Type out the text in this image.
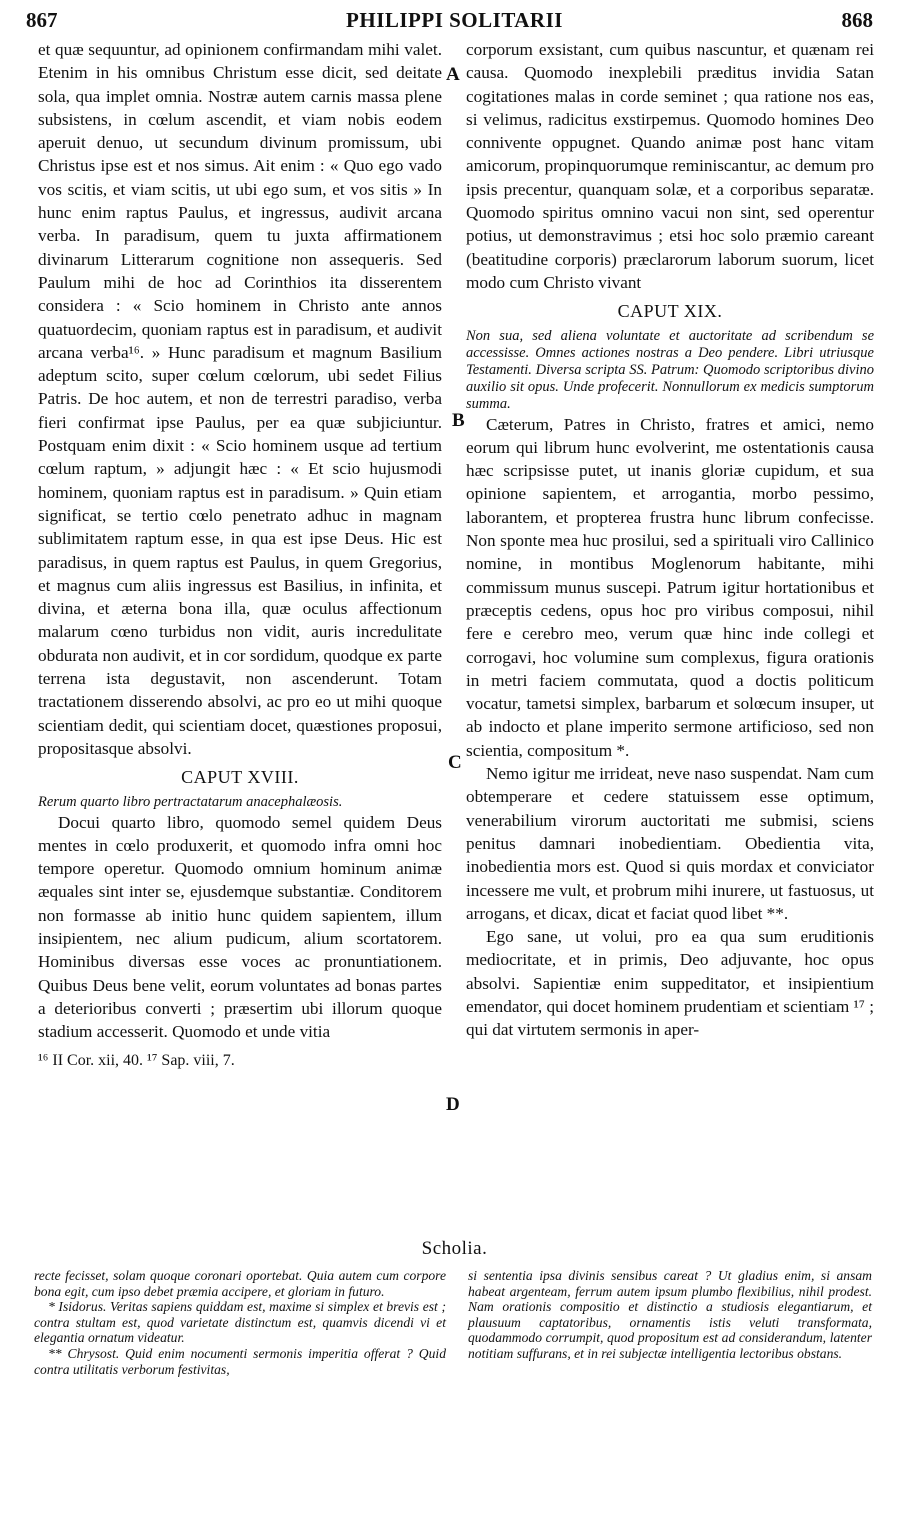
867	PHILIPPI SOLITARII	868
A
B
C
D

et quæ sequuntur, ad opinionem confirmandam mihi valet. Etenim in his omnibus Christum esse dicit, sed deitate sola, qua implet omnia. Nostræ autem carnis massa plene subsistens, in cœlum ascendit, et viam nobis eodem aperuit denuo, ut secundum divinum promissum, ubi Christus ipse est et nos simus. Ait enim : « Quo ego vado vos scitis, et viam scitis, ut ubi ego sum, et vos sitis » In hunc enim raptus Paulus, et ingressus, audivit arcana verba. In paradisum, quem tu juxta affirmationem divinarum Litterarum cognitione non assequeris. Sed Paulum mihi de hoc ad Corinthios ita disserentem considera : « Scio hominem in Christo ante annos quatuordecim, quoniam raptus est in paradisum, et audivit arcana verba¹⁶. » Hunc paradisum et magnum Basilium adeptum scito, super cœlum cœlorum, ubi sedet Filius Patris. De hoc autem, et non de terrestri paradiso, verba fieri confirmat ipse Paulus, per ea quæ subjiciuntur. Postquam enim dixit : « Scio hominem usque ad tertium cœlum raptum, » adjungit hæc : « Et scio hujusmodi hominem, quoniam raptus est in paradisum. » Quin etiam significat, se tertio cœlo penetrato adhuc in magnam sublimitatem raptum esse, in qua est ipse Deus. Hic est paradisus, in quem raptus est Paulus, in quem Gregorius, et magnus cum aliis ingressus est Basilius, in infinita, et divina, et æterna bona illa, quæ oculus affectionum malarum cœno turbidus non vidit, auris incredulitate obdurata non audivit, et in cor sordidum, quodque ex parte terrena ista degustavit, non ascenderunt. Totam tractationem disserendo absolvi, ac pro eo ut mihi quoque scientiam dedit, qui scientiam docet, quæstiones proposui, propositasque absolvi.

CAPUT XVIII.

Rerum quarto libro pertractatarum anacephalæosis.

Docui quarto libro, quomodo semel quidem Deus mentes in cœlo produxerit, et quomodo infra omni hoc tempore operetur. Quomodo omnium hominum animæ æquales sint inter se, ejusdemque substantiæ. Conditorem non formasse ab initio hunc quidem sapientem, illum insipientem, nec alium pudicum, alium scortatorem. Hominibus diversas esse voces ac pronuntiationem. Quibus Deus bene velit, eorum voluntates ad bonas partes a deterioribus converti ; præsertim ubi illorum quoque stadium accesserit. Quomodo et unde vitia

¹⁶ II Cor. xii, 40. ¹⁷ Sap. viii, 7.

corporum exsistant, cum quibus nascuntur, et quænam rei causa. Quomodo inexplebili præditus invidia Satan cogitationes malas in corde seminet ; qua ratione nos eas, si velimus, radicitus exstirpemus. Quomodo homines Deo connivente oppugnet. Quando animæ post hanc vitam amicorum, propinquorumque reminiscantur, ac demum pro ipsis precentur, quanquam solæ, et a corporibus separatæ. Quomodo spiritus omnino vacui non sint, sed operentur potius, ut demonstravimus ; etsi hoc solo præmio careant (beatitudine corporis) præclarorum laborum suorum, licet modo cum Christo vivant

CAPUT XIX.

Non sua, sed aliena voluntate et auctoritate ad scribendum se accessisse. Omnes actiones nostras a Deo pendere. Libri utriusque Testamenti. Diversa scripta SS. Patrum: Quomodo scriptoribus divino auxilio sit opus. Unde profecerit. Nonnullorum ex medicis sumptorum summa.

Cæterum, Patres in Christo, fratres et amici, nemo eorum qui librum hunc evolverint, me ostentationis causa hæc scripsisse putet, ut inanis gloriæ cupidum, et sua opinione sapientem, et arrogantia, morbo pessimo, laborantem, et propterea frustra hunc librum confecisse. Non sponte mea huc prosilui, sed a spirituali viro Callinico nomine, in montibus Moglenorum habitante, mihi commissum munus suscepi. Patrum igitur hortationibus et præceptis cedens, opus hoc pro viribus composui, nihil fere e cerebro meo, verum quæ hinc inde collegi et corrogavi, hoc volumine sum complexus, figura orationis in metri faciem commutata, quod a doctis politicum vocatur, tametsi simplex, barbarum et solœcum insuper, ut ab indocto et plane imperito sermone artificioso, sed non scientia, compositum *.

Nemo igitur me irrideat, neve naso suspendat. Nam cum obtemperare et cedere statuissem esse optimum, venerabilium virorum auctoritati me submisi, sciens penitus damnari inobedientiam. Obedientia vita, inobedientia mors est. Quod si quis mordax et conviciator incessere me vult, et probrum mihi inurere, ut fastuosus, ut arrogans, et dicax, dicat et faciat quod libet **.

Ego sane, ut volui, pro ea qua sum eruditionis mediocritate, et in primis, Deo adjuvante, hoc opus absolvi. Sapientiæ enim suppeditator, et insipientium emendator, qui docet hominem prudentiam et scientiam ¹⁷ ; qui dat virtutem sermonis in aper-

Scholia.

recte fecisset, solam quoque coronari oportebat. Quia autem cum corpore bona egit, cum ipso debet præmia accipere, et gloriam in futuro.

* Isidorus. Veritas sapiens quiddam est, maxime si simplex et brevis est ; contra stultam est, quod varietate distinctum est, quamvis dicendi vi et elegantia ornatum videatur.

** Chrysost. Quid enim nocumenti sermonis imperitia offerat ? Quid contra utilitatis verborum festivitas,

si sententia ipsa divinis sensibus careat ? Ut gladius enim, si ansam habeat argenteam, ferrum autem ipsum plumbo flexibilius, nihil prodest. Nam orationis compositio et distinctio a studiosis elegantiarum, et plausuum captatoribus, ornamentis istis veluti transformata, quodammodo corrumpit, quod propositum est ad considerandum, latenter notitiam suffurans, et in rei subjectæ intelligentia lectoribus obstans.
